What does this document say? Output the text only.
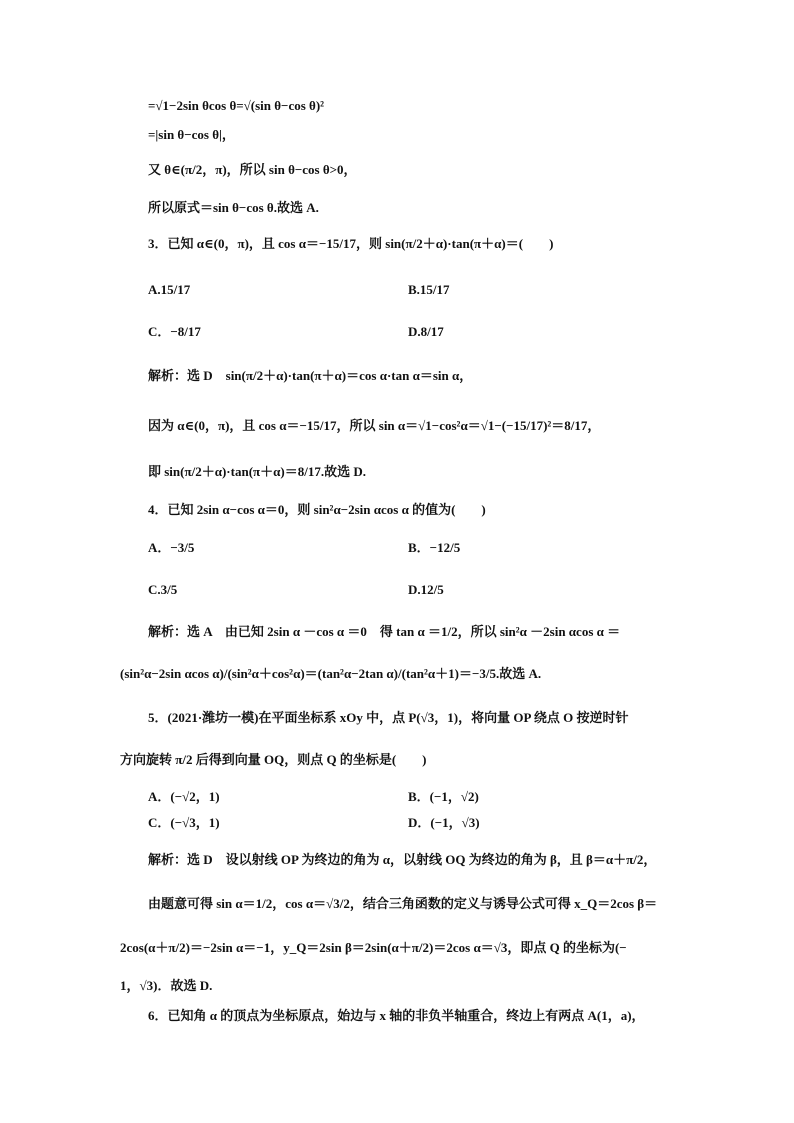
=√1−2sin θcos θ=√(sin θ−cos θ)²
=|sin θ−cos θ|，
又 θ∈(π/2，π)，所以 sin θ−cos θ>0，
所以原式＝sin θ−cos θ.故选 A.
3．已知 α∈(0，π)，且 cos α＝−15/17，则 sin(π/2＋α)·tan(π＋α)＝(　　)
A.15/17	B.15/17
C．−8/17	D.8/17
解析：选 D　sin(π/2＋α)·tan(π＋α)＝cos α·tan α＝sin α，
因为 α∈(0，π)，且 cos α＝−15/17，所以 sin α＝√1−cos²α＝√1−(−15/17)²＝8/17，
即 sin(π/2＋α)·tan(π＋α)＝8/17.故选 D.
4．已知 2sin α−cos α＝0，则 sin²α−2sin αcos α 的值为(　　)
A．−3/5	B．−12/5
C.3/5	D.12/5
解析：选 A　由已知 2sin α －cos α ＝0　得 tan α ＝1/2，所以 sin²α －2sin αcos α ＝
(sin²α−2sin αcos α)/(sin²α＋cos²α)＝(tan²α−2tan α)/(tan²α＋1)＝−3/5.故选 A.
5．(2021·潍坊一模)在平面坐标系 xOy 中，点 P(√3，1)，将向量 OP 绕点 O 按逆时针
方向旋转 π/2 后得到向量 OQ，则点 Q 的坐标是(　　)
A．(−√2，1)	B．(−1，√2)
C．(−√3，1)	D．(−1，√3)
解析：选 D　设以射线 OP 为终边的角为 α，以射线 OQ 为终边的角为 β，且 β＝α＋π/2，
由题意可得 sin α＝1/2，cos α＝√3/2，结合三角函数的定义与诱导公式可得 x_Q＝2cos β＝
2cos(α＋π/2)＝−2sin α＝−1，y_Q＝2sin β＝2sin(α＋π/2)＝2cos α＝√3，即点 Q 的坐标为(−
1，√3)．故选 D.
6．已知角 α 的顶点为坐标原点，始边与 x 轴的非负半轴重合，终边上有两点 A(1，a)，
